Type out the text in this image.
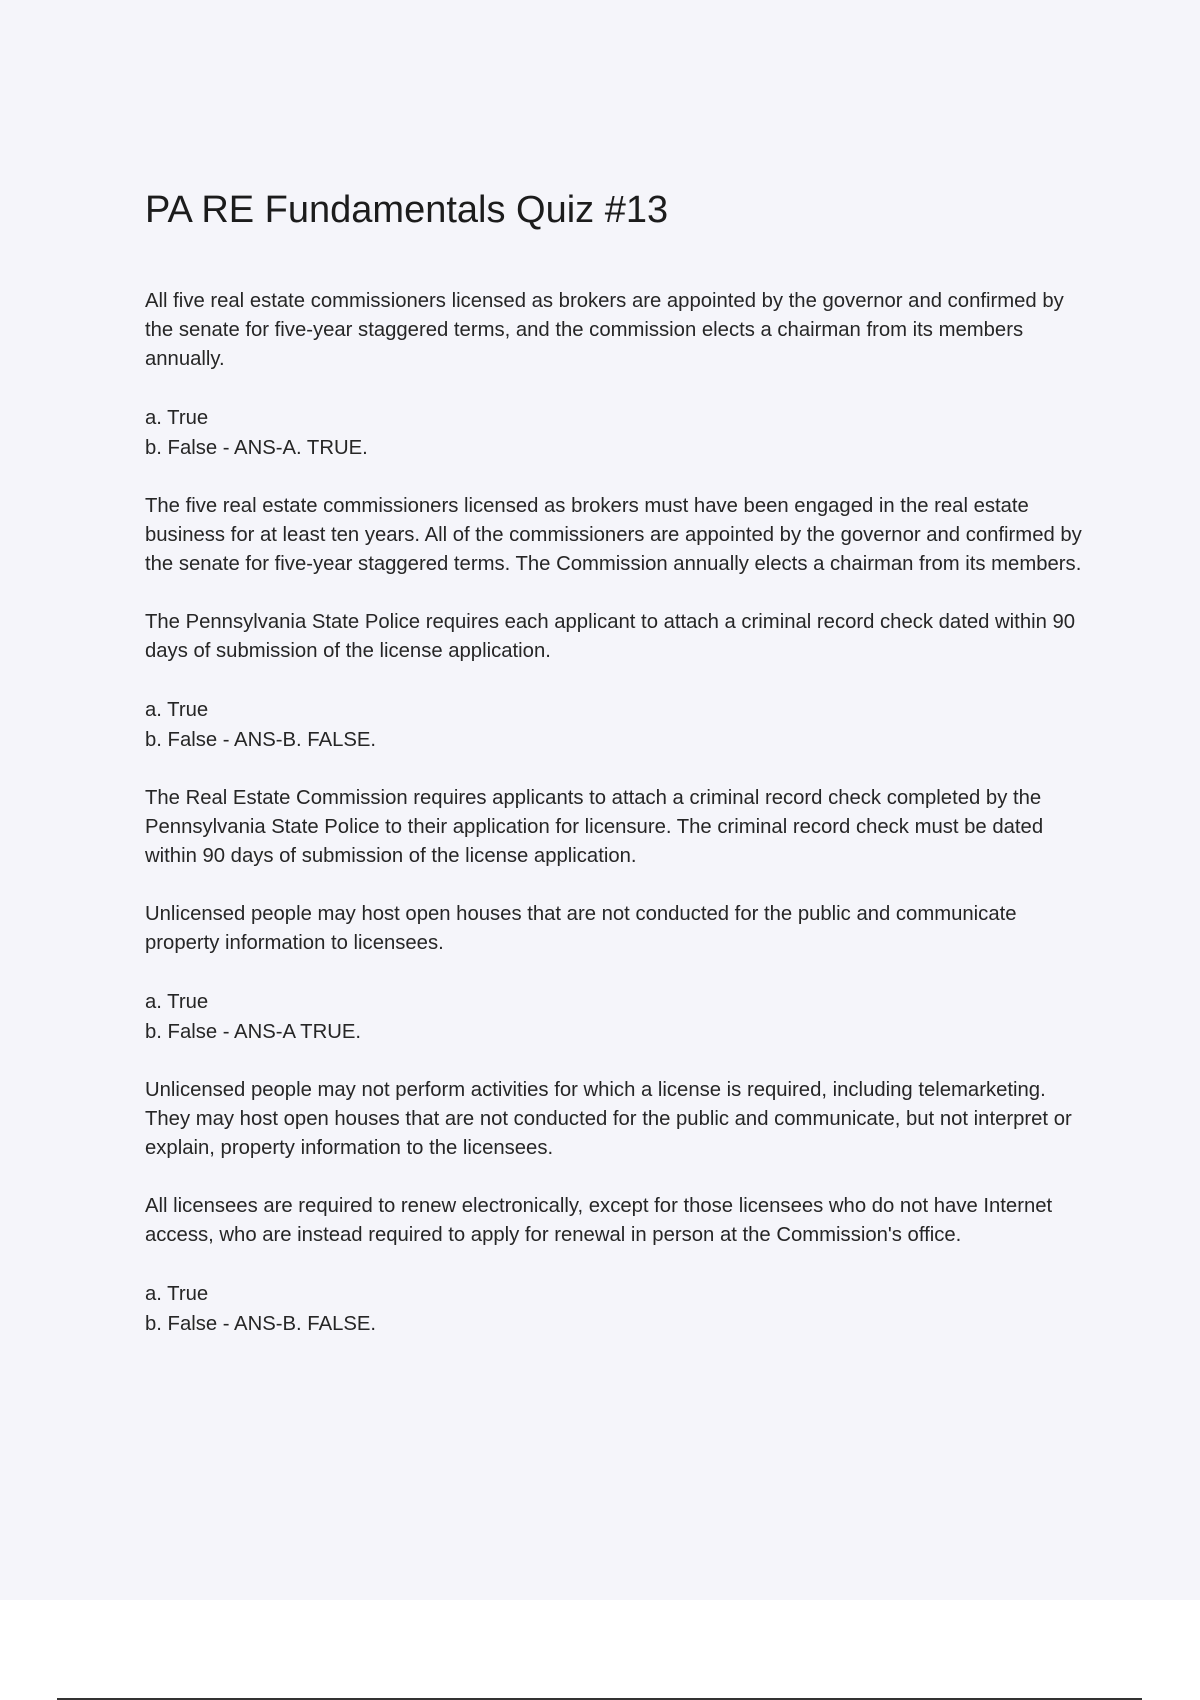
PA RE Fundamentals Quiz #13

All five real estate commissioners licensed as brokers are appointed by the governor and confirmed by the senate for five-year staggered terms, and the commission elects a chairman from its members annually.

a. True
b. False - ANS-A. TRUE.

The five real estate commissioners licensed as brokers must have been engaged in the real estate business for at least ten years. All of the commissioners are appointed by the governor and confirmed by the senate for five-year staggered terms. The Commission annually elects a chairman from its members.

The Pennsylvania State Police requires each applicant to attach a criminal record check dated within 90 days of submission of the license application.

a. True
b. False - ANS-B. FALSE.

The Real Estate Commission requires applicants to attach a criminal record check completed by the Pennsylvania State Police to their application for licensure. The criminal record check must be dated within 90 days of submission of the license application.

Unlicensed people may host open houses that are not conducted for the public and communicate property information to licensees.

a. True
b. False - ANS-A TRUE.

Unlicensed people may not perform activities for which a license is required, including telemarketing. They may host open houses that are not conducted for the public and communicate, but not interpret or explain, property information to the licensees.

All licensees are required to renew electronically, except for those licensees who do not have Internet access, who are instead required to apply for renewal in person at the Commission's office.

a. True
b. False - ANS-B. FALSE.
